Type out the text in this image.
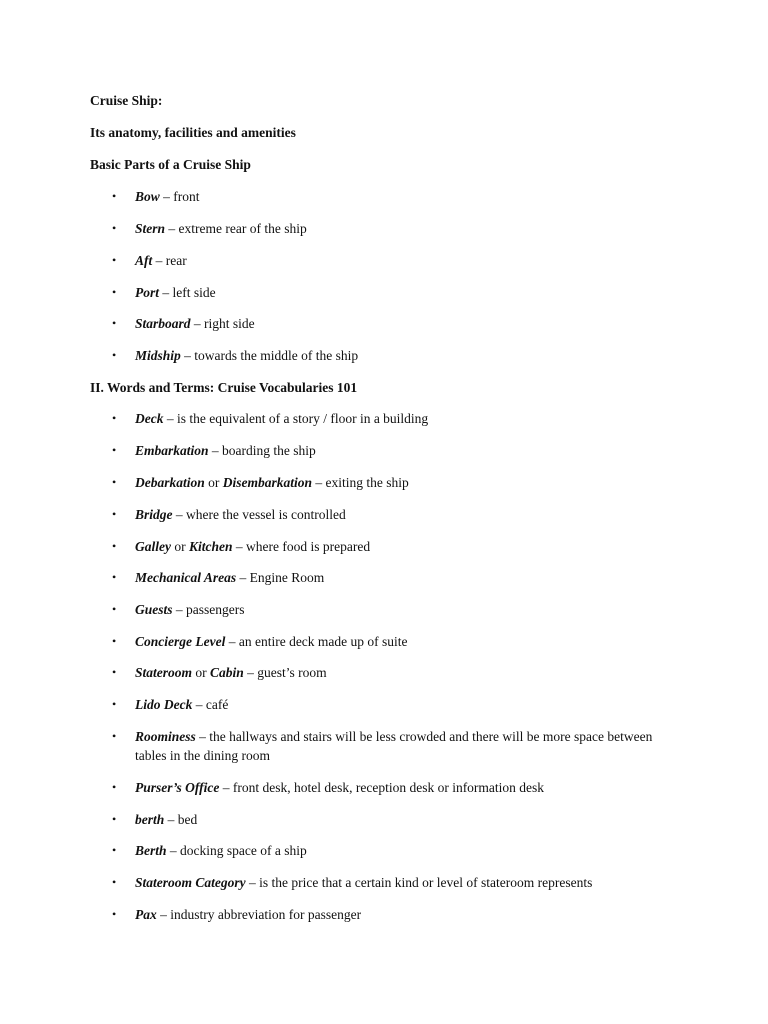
Cruise Ship:
Its anatomy, facilities and amenities
Basic Parts of a Cruise Ship
• Bow – front
• Stern – extreme rear of the ship
• Aft – rear
• Port – left side
• Starboard – right side
• Midship – towards the middle of the ship
II. Words and Terms: Cruise Vocabularies 101
• Deck – is the equivalent of a story / floor in a building
• Embarkation – boarding the ship
• Debarkation or Disembarkation – exiting the ship
• Bridge – where the vessel is controlled
• Galley or Kitchen – where food is prepared
• Mechanical Areas – Engine Room
• Guests – passengers
• Concierge Level – an entire deck made up of suite
• Stateroom or Cabin – guest’s room
• Lido Deck – café
• Roominess – the hallways and stairs will be less crowded and there will be more space between tables in the dining room
• Purser’s Office – front desk, hotel desk, reception desk or information desk
• berth – bed
• Berth – docking space of a ship
• Stateroom Category – is the price that a certain kind or level of stateroom represents
• Pax – industry abbreviation for passenger
